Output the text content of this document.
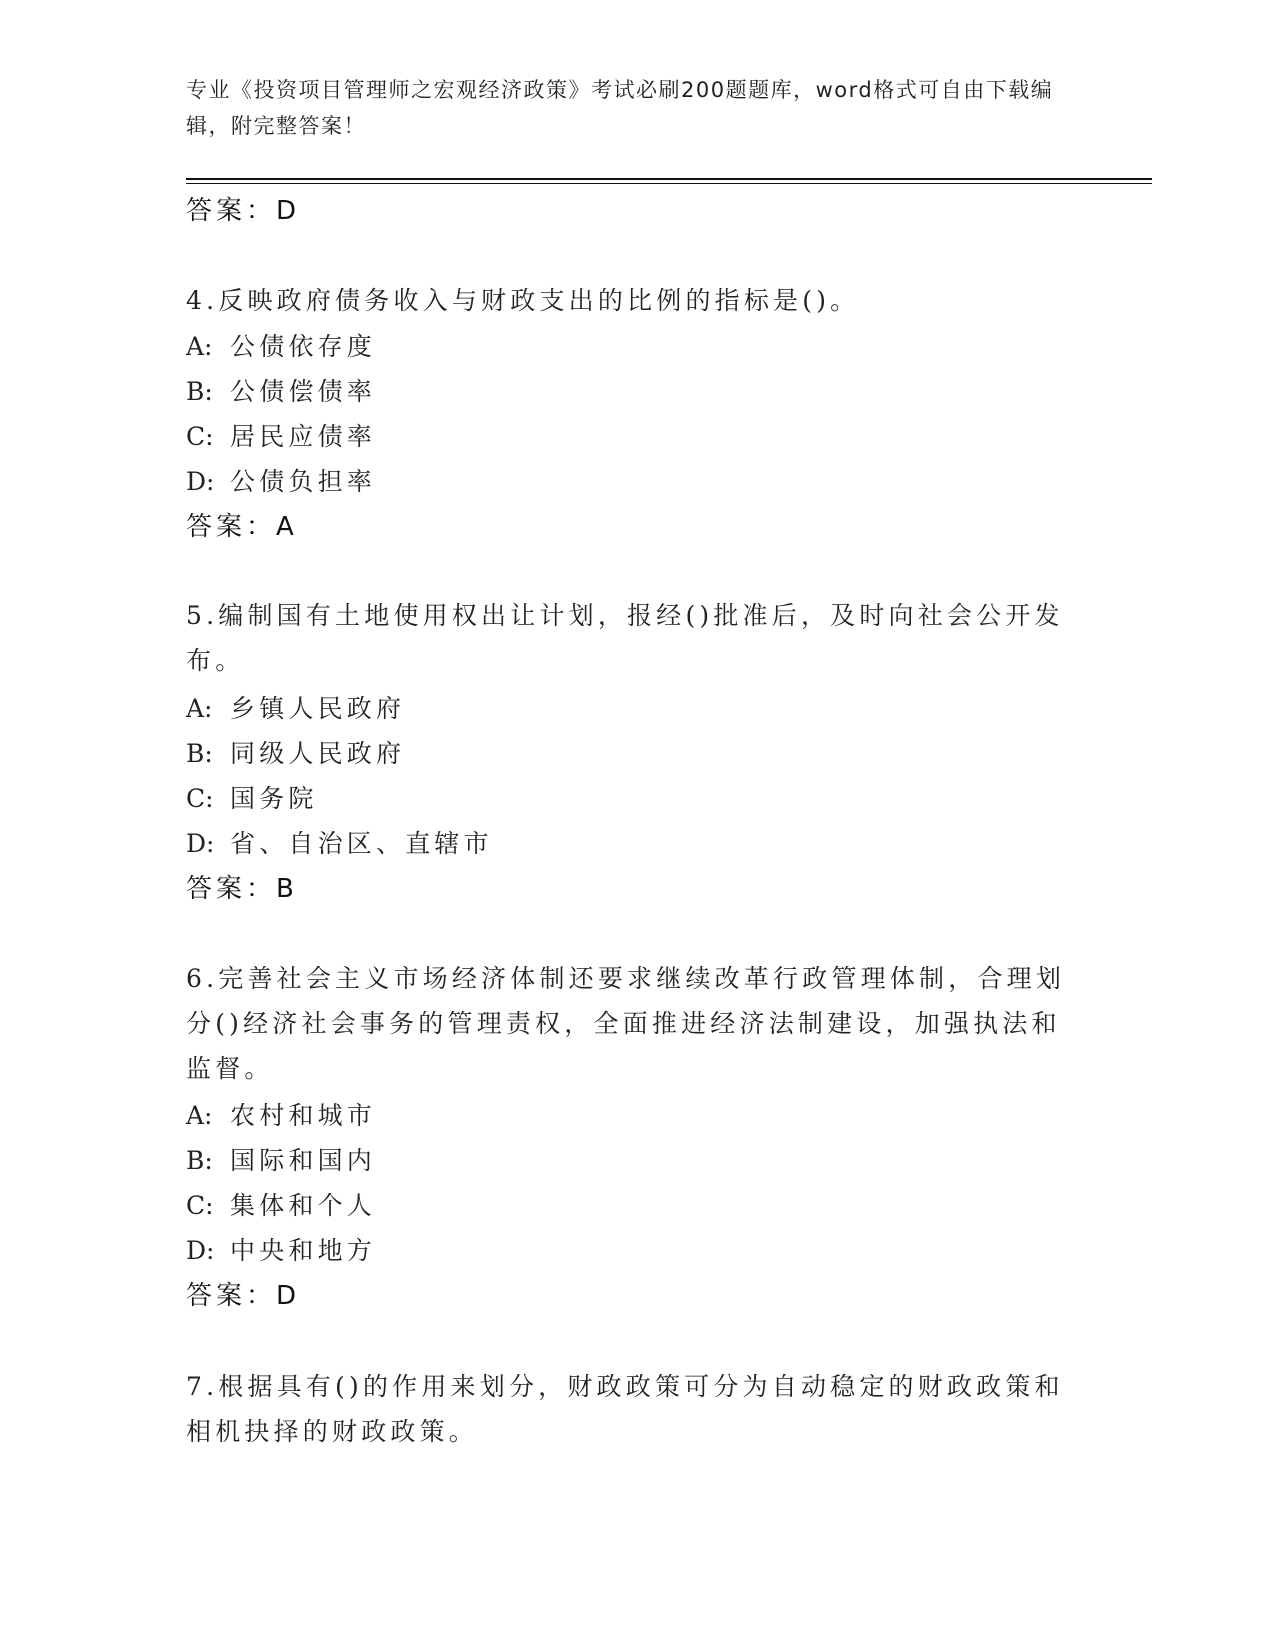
专业《投资项目管理师之宏观经济政策》考试必刷200题题库，word格式可自由下载编辑，附完整答案！
答案：D
4.反映政府债务收入与财政支出的比例的指标是()。
A: 公债依存度
B: 公债偿债率
C: 居民应债率
D: 公债负担率
答案：A
5.编制国有土地使用权出让计划，报经()批准后，及时向社会公开发布。
A: 乡镇人民政府
B: 同级人民政府
C: 国务院
D: 省、自治区、直辖市
答案：B
6.完善社会主义市场经济体制还要求继续改革行政管理体制，合理划分()经济社会事务的管理责权，全面推进经济法制建设，加强执法和监督。
A: 农村和城市
B: 国际和国内
C: 集体和个人
D: 中央和地方
答案：D
7.根据具有()的作用来划分，财政政策可分为自动稳定的财政政策和相机抉择的财政政策。
